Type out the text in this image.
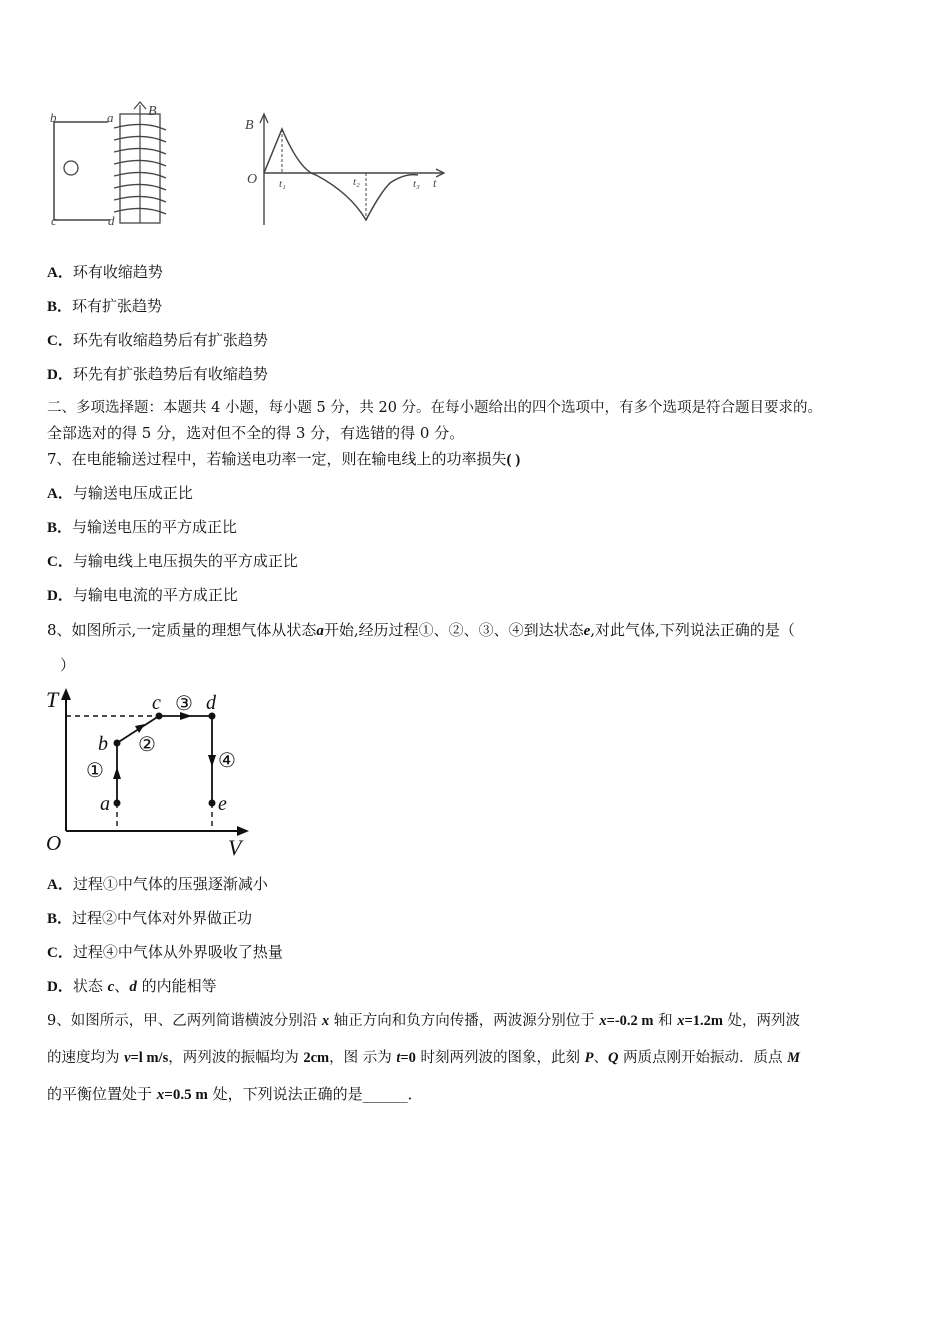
b	a B
c	d
B
O t₁	t₂	t₃ t
A．环有收缩趋势
B．环有扩张趋势
C．环先有收缩趋势后有扩张趋势
D．环先有扩张趋势后有收缩趋势
二、多项选择题：本题共 4 小题，每小题 5 分，共 20 分。在每小题给出的四个选项中，有多个选项是符合题目要求的。
全部选对的得 5 分，选对但不全的得 3 分，有选错的得 0 分。
7、在电能输送过程中，若输送电功率一定，则在输电线上的功率损失( )
A．与输送电压成正比
B．与输送电压的平方成正比
C．与输电线上电压损失的平方成正比
D．与输电电流的平方成正比
8、如图所示,一定质量的理想气体从状态a开始,经历过程①、②、③、④到达状态e,对此气体,下列说法正确的是（
）
T
O	V
a
b
c d
e
①
②
③
④
A．过程①中气体的压强逐渐减小
B．过程②中气体对外界做正功
C．过程④中气体从外界吸收了热量
D．状态 c、d 的内能相等
9、如图所示，甲、乙两列简谐横波分别沿 x 轴正方向和负方向传播，两波源分别位于 x=-0.2 m 和 x=1.2m 处，两列波
的速度均为 v=l m/s，两列波的振幅均为 2cm，图 示为 t=0 时刻两列波的图象，此刻 P、Q 两质点刚开始振动．质点 M
的平衡位置处于 x=0.5 m 处，下列说法正确的是______．
